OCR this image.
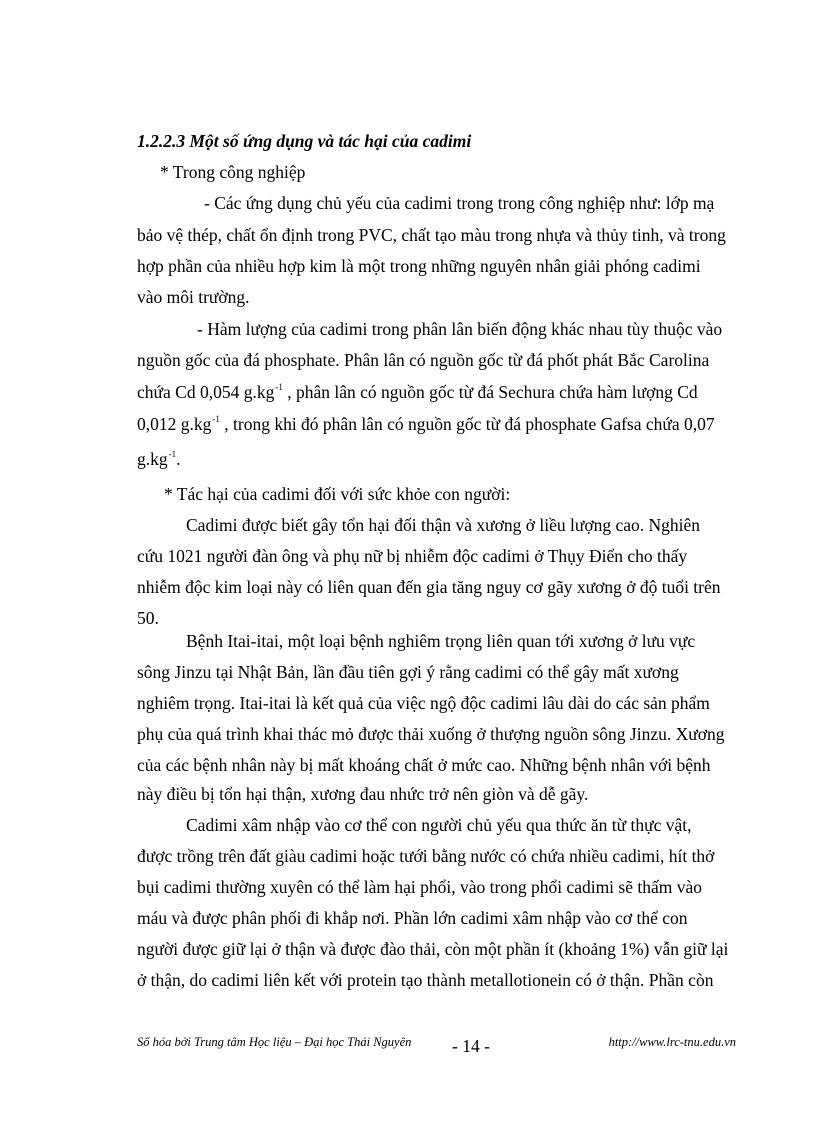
1.2.2.3 Một số ứng dụng và tác hại của cadimi
* Trong công nghiệp
- Các ứng dụng chủ yếu của cadimi trong trong công nghiệp như: lớp mạ
bảo vệ thép, chất ổn định trong PVC, chất tạo màu trong nhựa và thủy tinh, và trong
hợp phần của nhiều hợp kim là một trong những nguyên nhân giải phóng cadimi
vào môi trường.
- Hàm lượng của cadimi trong phân lân biến động khác nhau tùy thuộc vào
nguồn gốc của đá phosphate. Phân lân có nguồn gốc từ đá phốt phát Bắc Carolina
chứa Cd 0,054 $g.kg^{-1}$ , phân lân có nguồn gốc từ đá Sechura chứa hàm lượng Cd
0,012 $g.kg^{-1}$ , trong khi đó phân lân có nguồn gốc từ đá phosphate Gafsa chứa 0,07
$g.kg^{-1}$.
* Tác hại của cadimi đối với sức khỏe con người:
Cadimi được biết gây tổn hại đối thận và xương ở liều lượng cao. Nghiên
cứu 1021 người đàn ông và phụ nữ bị nhiễm độc cadimi ở Thụy Điển cho thấy
nhiễm độc kim loại này có liên quan đến gia tăng nguy cơ gãy xương ở độ tuổi trên
50.
Bệnh Itai-itai, một loại bệnh nghiêm trọng liên quan tới xương ở lưu vực
sông Jinzu tại Nhật Bản, lần đầu tiên gợi ý rằng cadimi có thể gây mất xương
nghiêm trọng. Itai-itai là kết quả của việc ngộ độc cadimi lâu dài do các sản phẩm
phụ của quá trình khai thác mỏ được thải xuống ở thượng nguồn sông Jinzu. Xương
của các bệnh nhân này bị mất khoáng chất ở mức cao. Những bệnh nhân với bệnh
này điều bị tổn hại thận, xương đau nhức trở nên giòn và dễ gãy.
Cadimi xâm nhập vào cơ thể con người chủ yếu qua thức ăn từ thực vật,
được trồng trên đất giàu cadimi hoặc tưới bằng nước có chứa nhiều cadimi, hít thở
bụi cadimi thường xuyên có thể làm hại phổi, vào trong phổi cadimi sẽ thấm vào
máu và được phân phối đi khắp nơi. Phần lớn cadimi xâm nhập vào cơ thể con
người được giữ lại ở thận và được đào thải, còn một phần ít (khoảng 1%) vẫn giữ lại
ở thận, do cadimi liên kết với protein tạo thành metallotionein có ở thận. Phần còn
Số hóa bởi Trung tâm Học liệu – Đại học Thái Nguyên - 14 -	http://www.lrc-tnu.edu.vn
